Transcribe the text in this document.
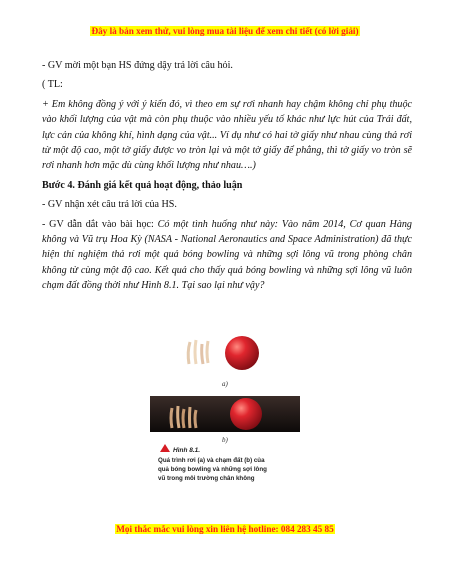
Đây là bản xem thử, vui lòng mua tài liệu để xem chi tiết (có lời giải)

- GV mời một bạn HS đứng dậy trả lời câu hỏi.

( TL:

+ Em không đồng ý với ý kiến đó, vì theo em sự rơi nhanh hay chậm không chỉ phụ thuộc vào khối lượng của vật mà còn phụ thuộc vào nhiều yếu tố khác như lực hút của Trái đất, lực cản của không khí, hình dạng của vật... Ví dụ như có hai tờ giấy như nhau cùng thả rơi từ một độ cao, một tờ giấy được vo tròn lại và một tờ giấy để phẳng, thì tờ giấy vo tròn sẽ rơi nhanh hơn mặc dù cùng khối lượng như nhau….)

Bước 4. Đánh giá kết quả hoạt động, thảo luận

- GV nhận xét câu trả lời của HS.

- GV dẫn dắt vào bài học: Có một tình huống như này: Vào năm 2014, Cơ quan Hàng không và Vũ trụ Hoa Kỳ (NASA - National Aeronautics and Space Administration) đã thực hiện thí nghiệm thả rơi một quả bóng bowling và những sợi lông vũ trong phòng chân không từ cùng một độ cao. Kết quả cho thấy quả bóng bowling và những sợi lông vũ luôn chạm đất đồng thời như Hình 8.1. Tại sao lại như vậy?

a)
b)
Hình 8.1.
Quá trình rơi (a) và chạm đất (b) của
quả bóng bowling và những sợi lông
vũ trong môi trường chân không
Mọi thắc mắc vui lòng xin liên hệ hotline: 084 283 45 85
